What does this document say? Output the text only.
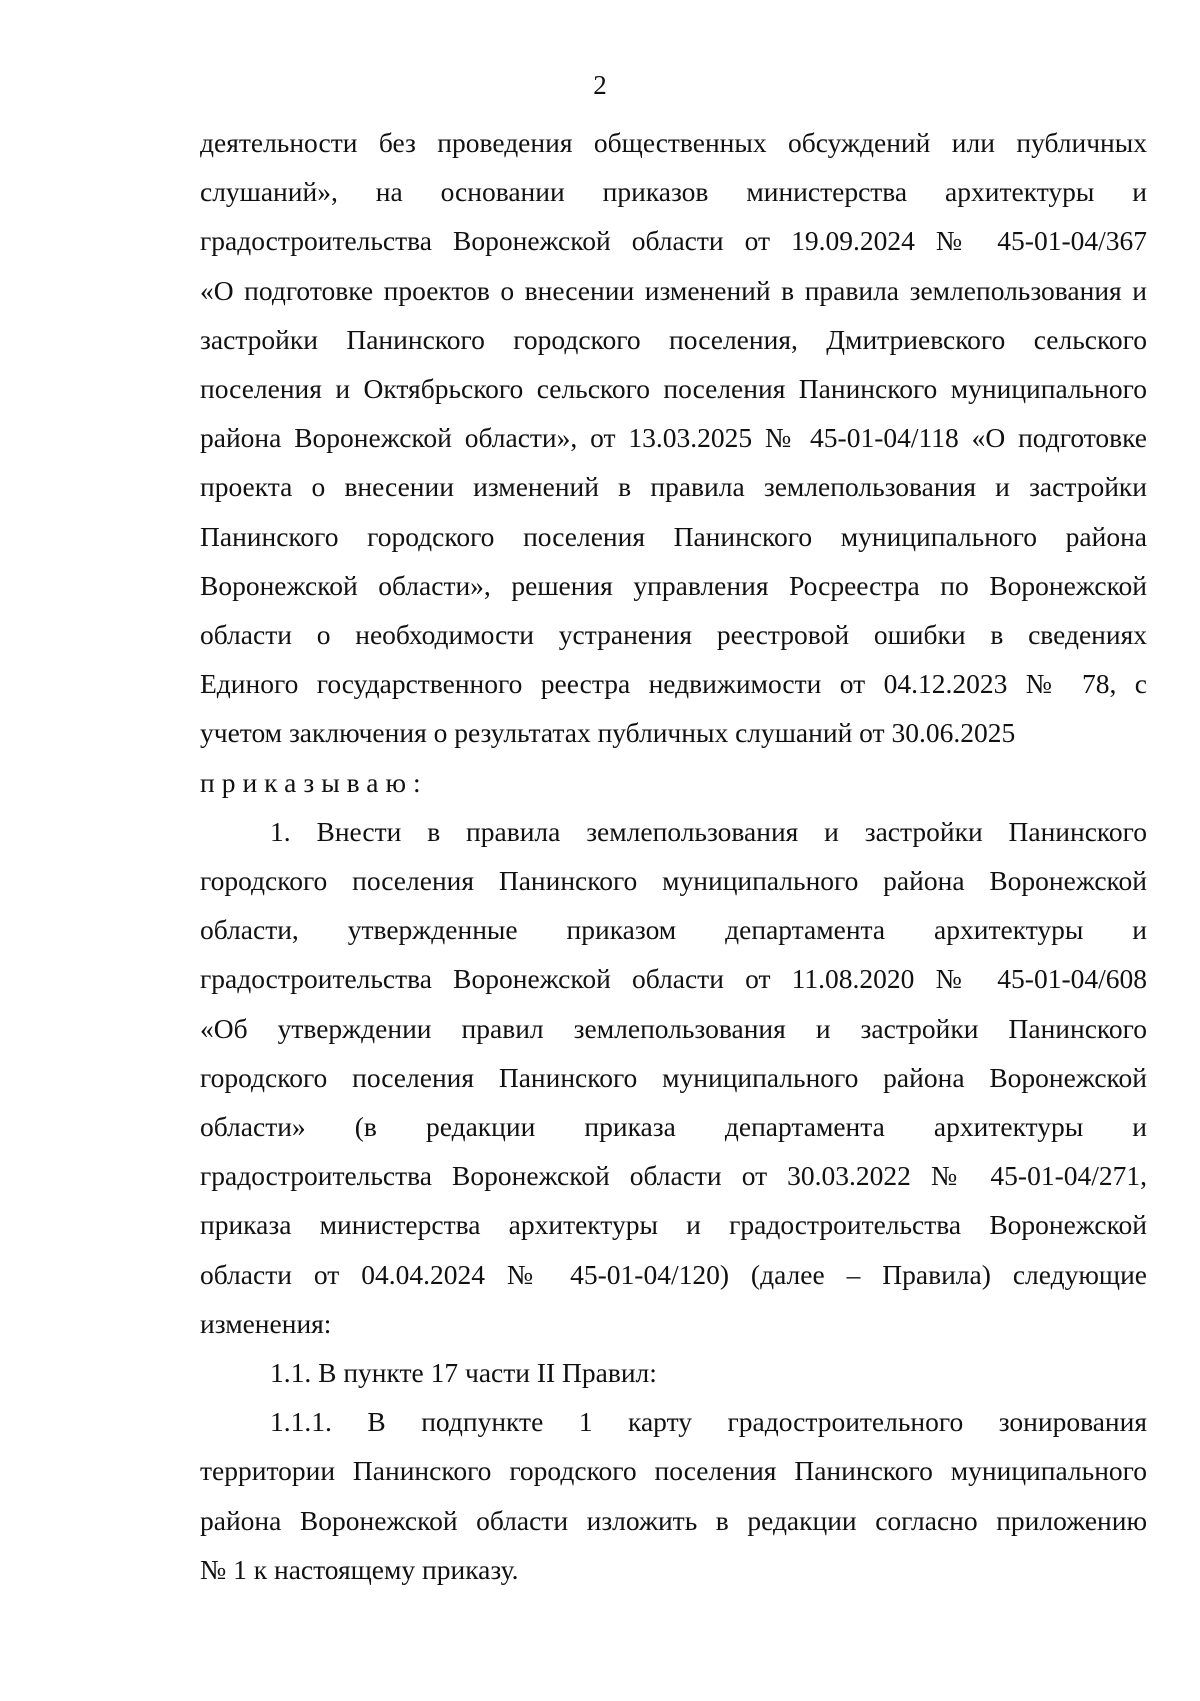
2

деятельности без проведения общественных обсуждений или публичных
слушаний», на основании приказов министерства архитектуры и
градостроительства Воронежской области от 19.09.2024 № 45-01-04/367
«О подготовке проектов о внесении изменений в правила землепользования и
застройки Панинского городского поселения, Дмитриевского сельского
поселения и Октябрьского сельского поселения Панинского муниципального
района Воронежской области», от 13.03.2025 № 45-01-04/118 «О подготовке
проекта о внесении изменений в правила землепользования и застройки
Панинского городского поселения Панинского муниципального района
Воронежской области», решения управления Росреестра по Воронежской
области о необходимости устранения реестровой ошибки в сведениях
Единого государственного реестра недвижимости от 04.12.2023 № 78, с
учетом заключения о результатах публичных слушаний от 30.06.2025

приказываю:

1. Внести в правила землепользования и застройки Панинского
городского поселения Панинского муниципального района Воронежской
области, утвержденные приказом департамента архитектуры и
градостроительства Воронежской области от 11.08.2020 № 45-01-04/608
«Об утверждении правил землепользования и застройки Панинского
городского поселения Панинского муниципального района Воронежской
области» (в редакции приказа департамента архитектуры и
градостроительства Воронежской области от 30.03.2022 № 45-01-04/271,
приказа министерства архитектуры и градостроительства Воронежской
области от 04.04.2024 № 45-01-04/120) (далее – Правила) следующие
изменения:

1.1. В пункте 17 части II Правил:

1.1.1. В подпункте 1 карту градостроительного зонирования
территории Панинского городского поселения Панинского муниципального
района Воронежской области изложить в редакции согласно приложению
№ 1 к настоящему приказу.
